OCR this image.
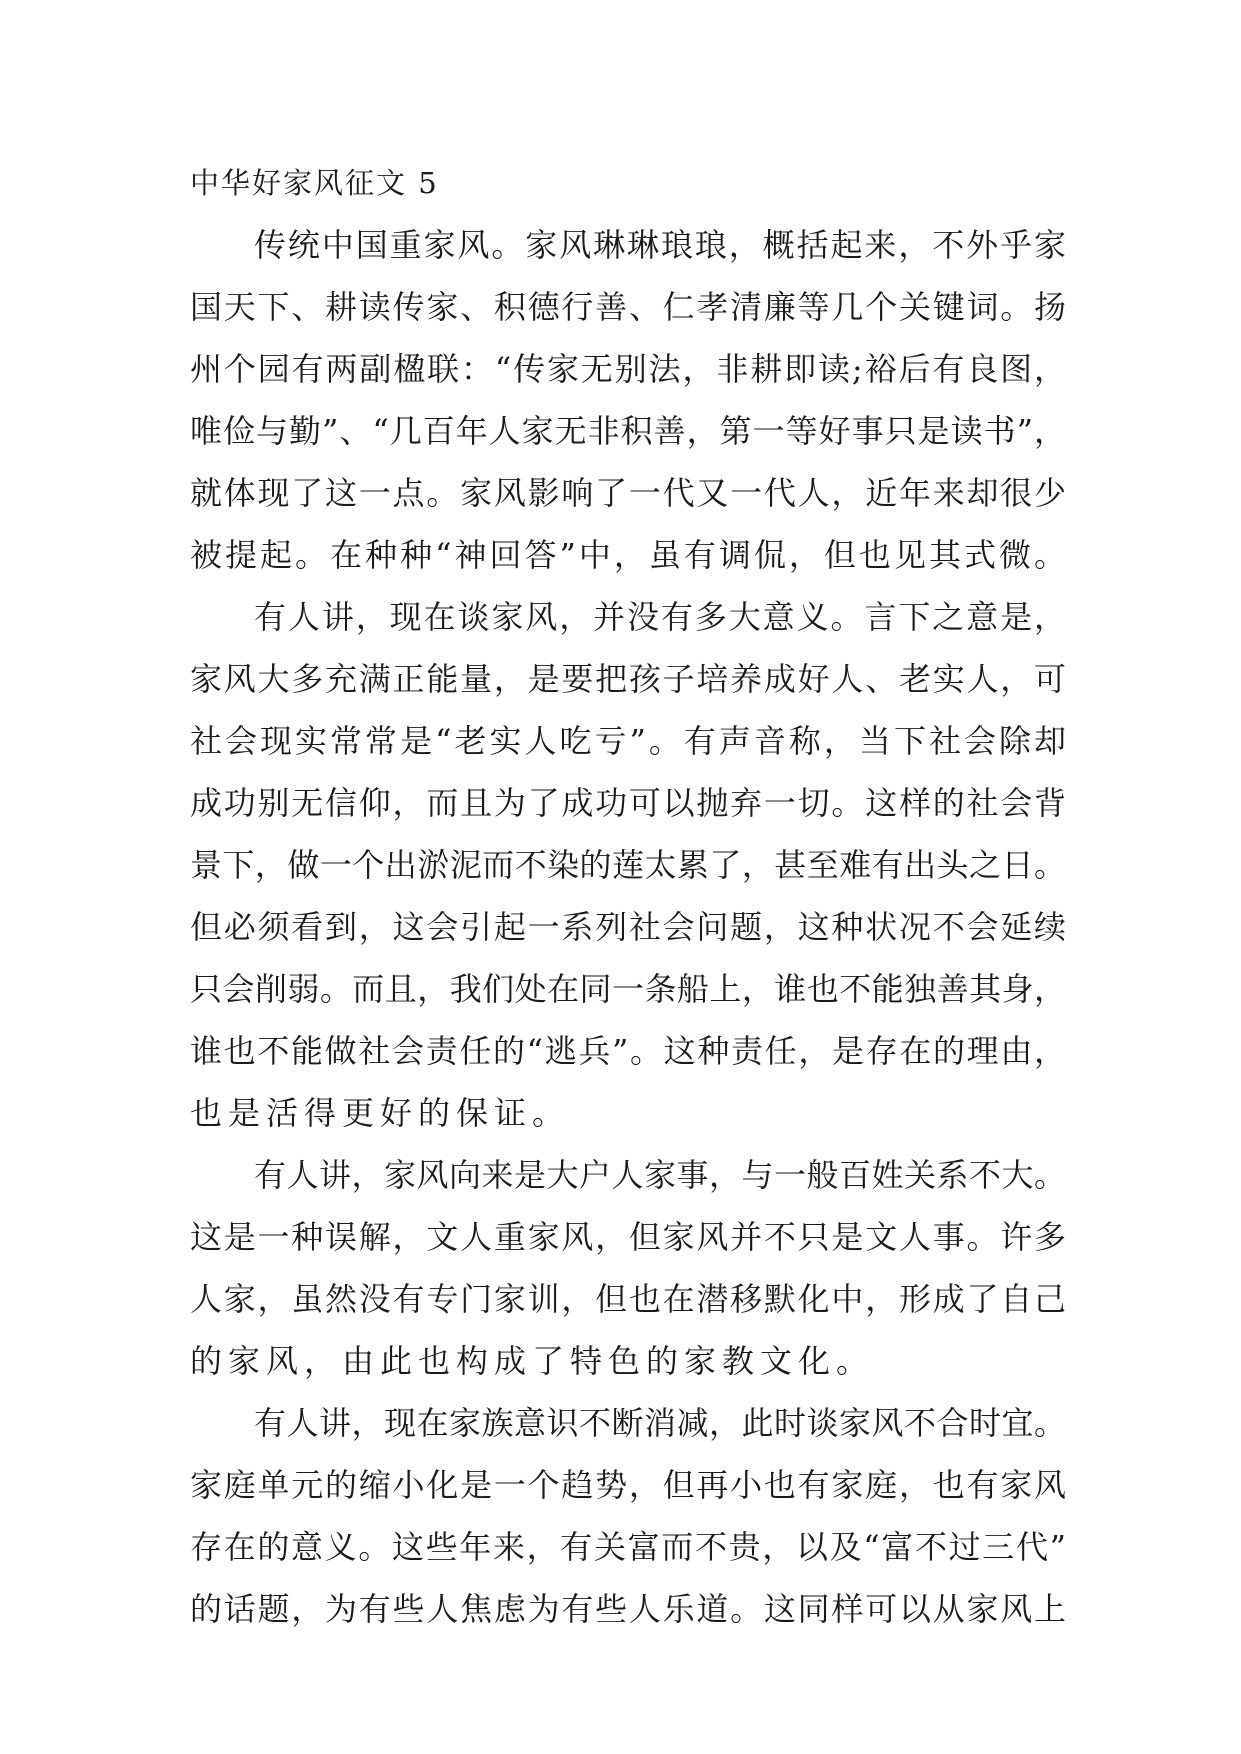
中华好家风征文 5
传统中国重家风。家风琳琳琅琅，概括起来，不外乎家
国天下、耕读传家、积德行善、仁孝清廉等几个关键词。扬
州个园有两副楹联：“传家无别法，非耕即读;裕后有良图，
唯俭与勤”、“几百年人家无非积善，第一等好事只是读书”，
就体现了这一点。家风影响了一代又一代人，近年来却很少
被提起。在种种“神回答”中，虽有调侃，但也见其式微。
有人讲，现在谈家风，并没有多大意义。言下之意是，
家风大多充满正能量，是要把孩子培养成好人、老实人，可
社会现实常常是“老实人吃亏”。有声音称，当下社会除却
成功别无信仰，而且为了成功可以抛弃一切。这样的社会背
景下，做一个出淤泥而不染的莲太累了，甚至难有出头之日。
但必须看到，这会引起一系列社会问题，这种状况不会延续
只会削弱。而且，我们处在同一条船上，谁也不能独善其身，
谁也不能做社会责任的“逃兵”。这种责任，是存在的理由，
也是活得更好的保证。
有人讲，家风向来是大户人家事，与一般百姓关系不大。
这是一种误解，文人重家风，但家风并不只是文人事。许多
人家，虽然没有专门家训，但也在潜移默化中，形成了自己
的家风，由此也构成了特色的家教文化。
有人讲，现在家族意识不断消减，此时谈家风不合时宜。
家庭单元的缩小化是一个趋势，但再小也有家庭，也有家风
存在的意义。这些年来，有关富而不贵，以及“富不过三代”
的话题，为有些人焦虑为有些人乐道。这同样可以从家风上
